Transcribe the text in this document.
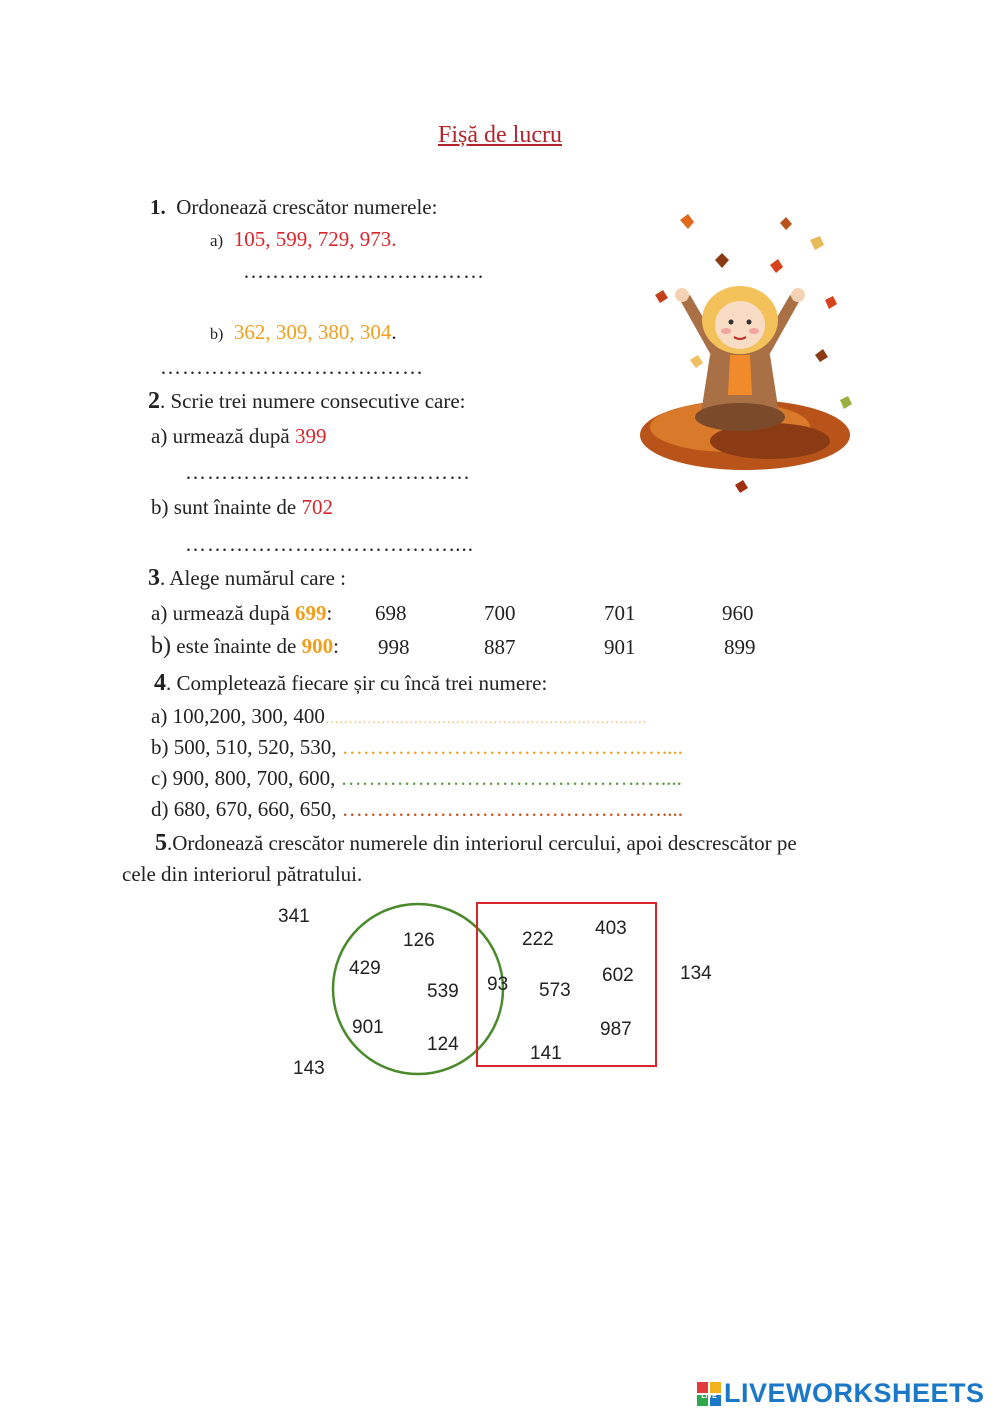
Fișă de lucru
1. Ordonează crescător numerele:
a) 105, 599, 729, 973.
……………………………
b) 362, 309, 380, 304.
………………………………
2. Scrie trei numere consecutive care:
a) urmează după 399
…………………………………
b) sunt înainte de 702
………………………………....
3. Alege numărul care :
a) urmează după 699: 698	700	701	960
b) este înainte de 900: 998	887	901	899
4. Completează fiecare șir cu încă trei numere:
a) 100,200, 300, 400……………………………………………………………
b) 500, 510, 520, 530, …………………………………….…....
c) 900, 800, 700, 600, …………………………………….…....
d) 680, 670, 660, 650, …………………………………….…....
5.Ordonează crescător numerele din interiorul cercului, apoi descrescător pe
cele din interiorul pătratului.
341
143
134
126
429
539
901
124
93
222
403
573
602
987
141
LIVE LIVEWORKSHEETS
